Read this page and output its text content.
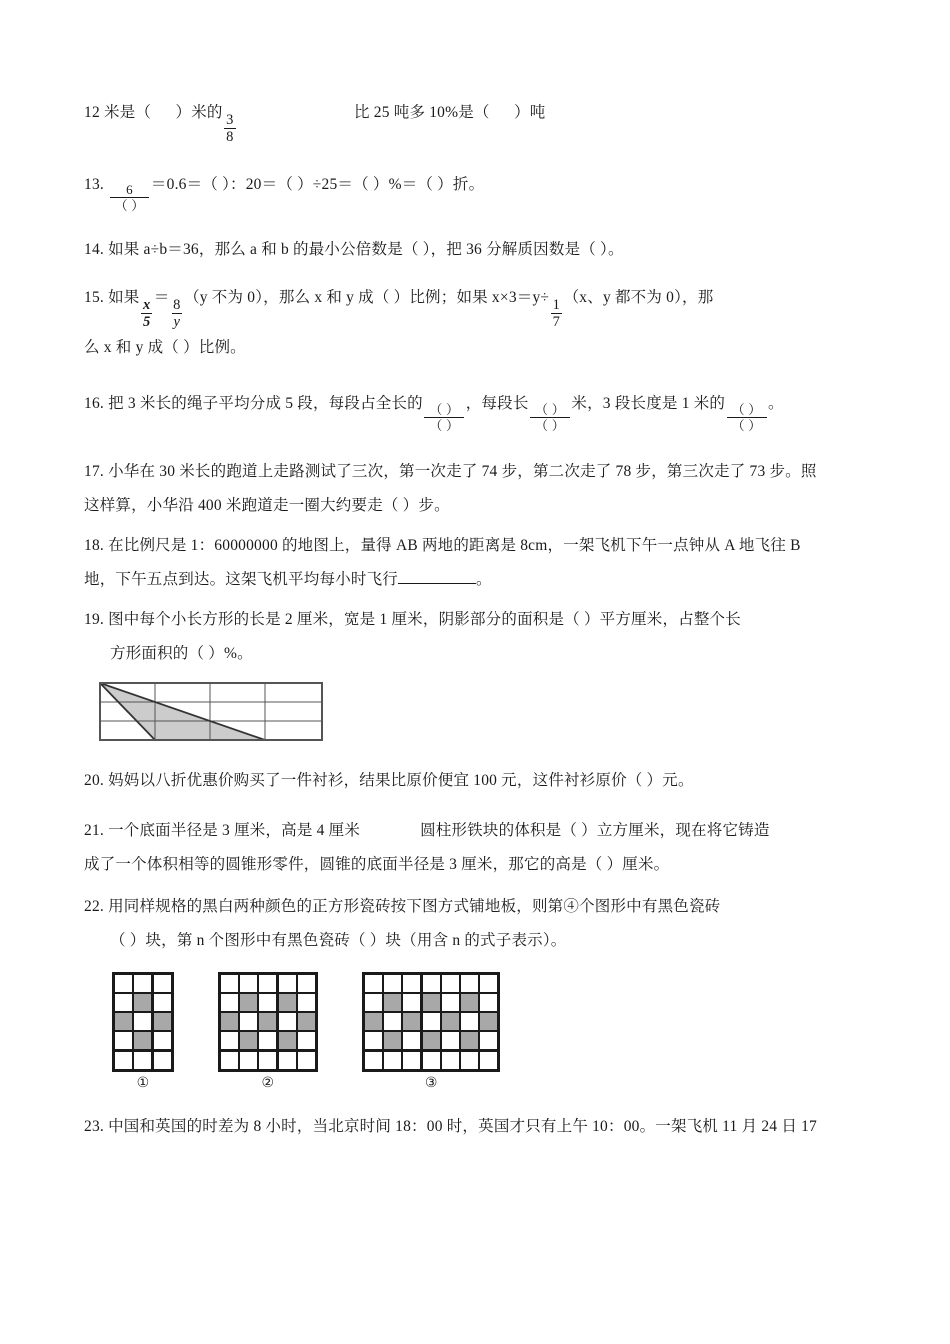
12 米是（ ）米的
$\frac{3}{8}$
比 25 吨多 10%是（ ）吨
13. $\frac{6}{( )} =0.6=$（ ）：20＝（ ）÷25＝（ ）%＝（ ）折。
14. 如果 a÷b＝36，那么 a 和 b 的最小公倍数是（ ），把 36 分解质因数是（ ）。
15. 如果
$\frac{x}{5}$
＝
$\frac{8}{y}$
（y 不为 0），那么 x 和 y 成（ ）比例；如果 x×3＝y÷
$\frac{1}{7}$
（x、y 都不为 0），那
么 x 和 y 成（ ）比例。
16. 把 3 米长的绳子平均分成 5 段，每段占全长的 $\frac{( )}{( )}$ ，每段长 $\frac{( )}{( )}$ 米，3 段长度是 1 米的 $\frac{( )}{( )}$ 。
17. 小华在 30 米长的跑道上走路测试了三次，第一次走了 74 步，第二次走了 78 步，第三次走了 73 步。照
这样算，小华沿 400 米跑道走一圈大约要走（ ）步。
18. 在比例尺是 1：60000000 的地图上，量得 AB 两地的距离是 8cm，一架飞机下午一点钟从 A 地飞往 B
地，下午五点到达。这架飞机平均每小时飞行	。
19. 图中每个小长方形的长是 2 厘米，宽是 1 厘米，阴影部分的面积是（ ）平方厘米，占整个长
方形面积的（ ）%。
20. 妈妈以八折优惠价购买了一件衬衫，结果比原价便宜 100 元，这件衬衫原价（ ）元。
21. 一个底面半径是 3 厘米，高是 4 厘米	圆柱形铁块的体积是（ ）立方厘米，现在将它铸造
成了一个体积相等的圆锥形零件，圆锥的底面半径是 3 厘米，那它的高是（ ）厘米。
22. 用同样规格的黑白两种颜色的正方形瓷砖按下图方式铺地板，则第④个图形中有黑色瓷砖
（ ）块，第 n 个图形中有黑色瓷砖（ ）块（用含 n 的式子表示）。
①	②	③
23. 中国和英国的时差为 8 小时，当北京时间 18：00 时，英国才只有上午 10：00。一架飞机 11 月 24 日 17
